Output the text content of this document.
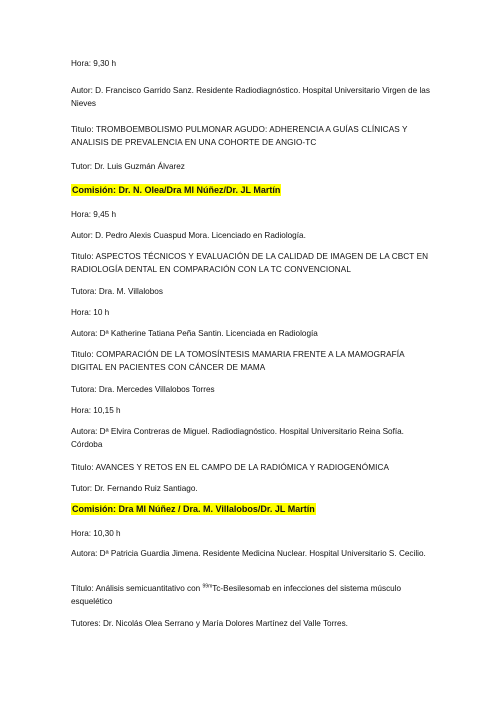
Hora: 9,30 h

Autor: D. Francisco Garrido Sanz. Residente Radiodiagnóstico. Hospital Universitario Virgen de las Nieves

Titulo: TROMBOEMBOLISMO PULMONAR AGUDO: ADHERENCIA A GUÍAS CLÍNICAS Y ANALISIS DE PREVALENCIA EN UNA COHORTE DE ANGIO-TC

Tutor: Dr. Luis Guzmán Álvarez

Comisión: Dr. N. Olea/Dra Ml Núñez/Dr. JL Martín

Hora: 9,45 h

Autor: D. Pedro Alexis Cuaspud Mora. Licenciado en Radiología.

Titulo: ASPECTOS TÉCNICOS Y EVALUACIÓN DE LA CALIDAD DE IMAGEN DE LA CBCT EN RADIOLOGÍA DENTAL EN COMPARACIÓN CON LA TC CONVENCIONAL

Tutora: Dra. M. Villalobos

Hora: 10 h

Autora: Dª Katherine Tatiana Peña Santin. Licenciada en Radiología

Titulo: COMPARACIÓN DE LA TOMOSÍNTESIS MAMARIA FRENTE A LA MAMOGRAFÍA DIGITAL EN PACIENTES CON CÁNCER DE MAMA

Tutora: Dra. Mercedes Villalobos Torres

Hora: 10,15 h

Autora: Dª Elvira Contreras de Miguel. Radiodiagnóstico. Hospital Universitario Reina Sofía. Córdoba

Titulo: AVANCES Y RETOS EN EL CAMPO DE LA RADIÓMICA Y RADIOGENÓMICA

Tutor: Dr. Fernando Ruiz Santiago.

Comisión: Dra Ml Núñez / Dra. M. Villalobos/Dr. JL Martín

Hora: 10,30 h

Autora: Dª Patricia Guardia Jimena. Residente Medicina Nuclear. Hospital Universitario S. Cecilio.

Título: Análisis semicuantitativo con $^{99m}$Tc-Besilesomab en infecciones del sistema músculo esquelético

Tutores: Dr. Nicolás Olea Serrano y María Dolores Martínez del Valle Torres.
